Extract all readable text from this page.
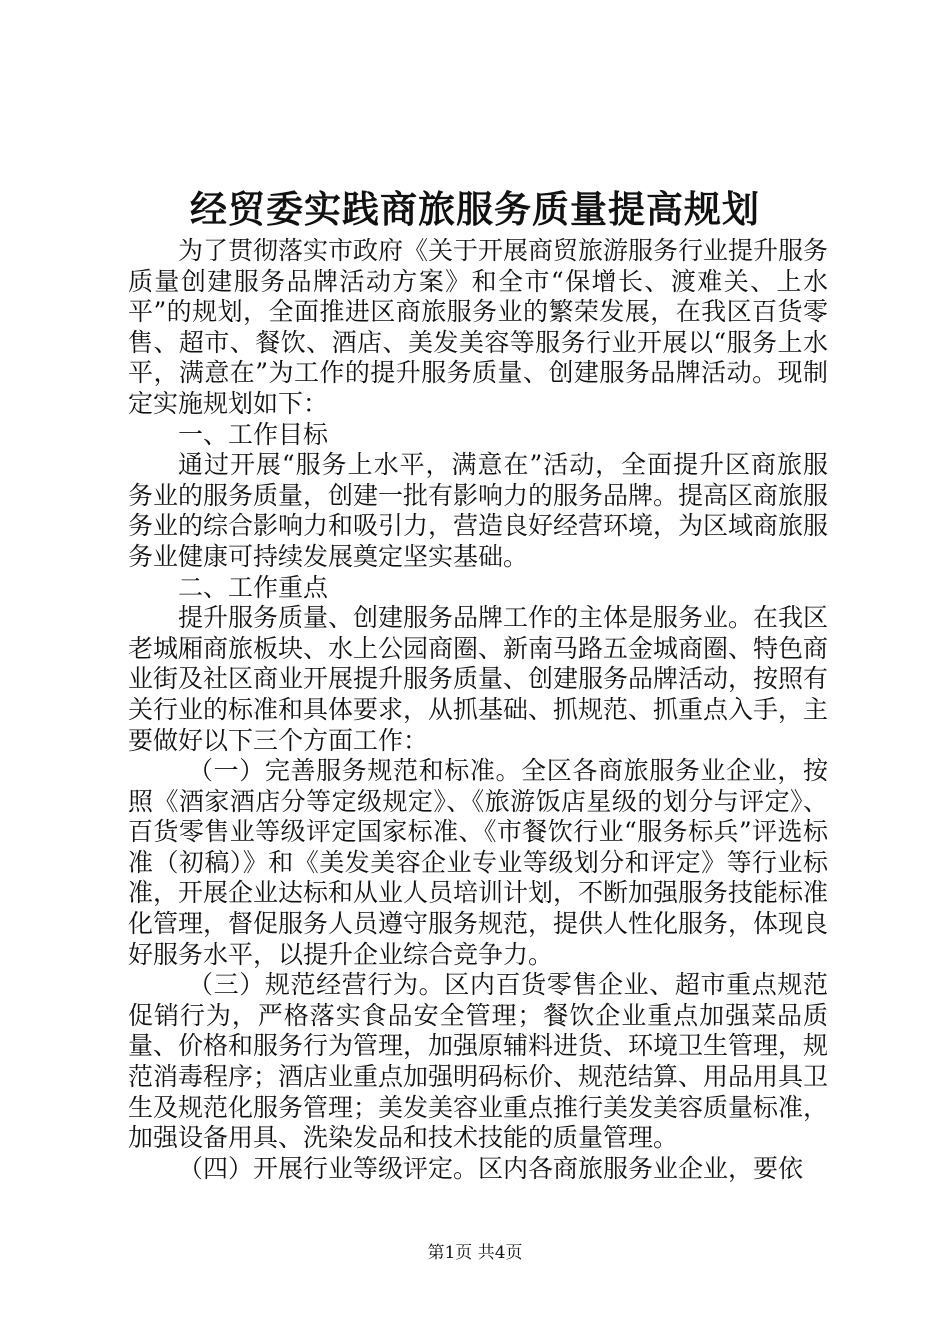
经贸委实践商旅服务质量提高规划

为了贯彻落实市政府《关于开展商贸旅游服务行业提升服务质量创建服务品牌活动方案》和全市“保增长、渡难关、上水平”的规划，全面推进区商旅服务业的繁荣发展，在我区百货零售、超市、餐饮、酒店、美发美容等服务行业开展以“服务上水平，满意在”为工作的提升服务质量、创建服务品牌活动。现制定实施规划如下：

一、工作目标

通过开展“服务上水平，满意在”活动，全面提升区商旅服务业的服务质量，创建一批有影响力的服务品牌。提高区商旅服务业的综合影响力和吸引力，营造良好经营环境，为区域商旅服务业健康可持续发展奠定坚实基础。

二、工作重点

提升服务质量、创建服务品牌工作的主体是服务业。在我区老城厢商旅板块、水上公园商圈、新南马路五金城商圈、特色商业街及社区商业开展提升服务质量、创建服务品牌活动，按照有关行业的标准和具体要求，从抓基础、抓规范、抓重点入手，主要做好以下三个方面工作：

（一）完善服务规范和标准。全区各商旅服务业企业，按照《酒家酒店分等定级规定》、《旅游饭店星级的划分与评定》、百货零售业等级评定国家标准、《市餐饮行业“服务标兵”评选标准（初稿）》和《美发美容企业专业等级划分和评定》等行业标准，开展企业达标和从业人员培训计划，不断加强服务技能标准化管理，督促服务人员遵守服务规范，提供人性化服务，体现良好服务水平，以提升企业综合竞争力。

（三）规范经营行为。区内百货零售企业、超市重点规范促销行为，严格落实食品安全管理；餐饮企业重点加强菜品质量、价格和服务行为管理，加强原辅料进货、环境卫生管理，规范消毒程序；酒店业重点加强明码标价、规范结算、用品用具卫生及规范化服务管理；美发美容业重点推行美发美容质量标准，加强设备用具、洗染发品和技术技能的质量管理。

（四）开展行业等级评定。区内各商旅服务业企业，要依

第1页 共4页
